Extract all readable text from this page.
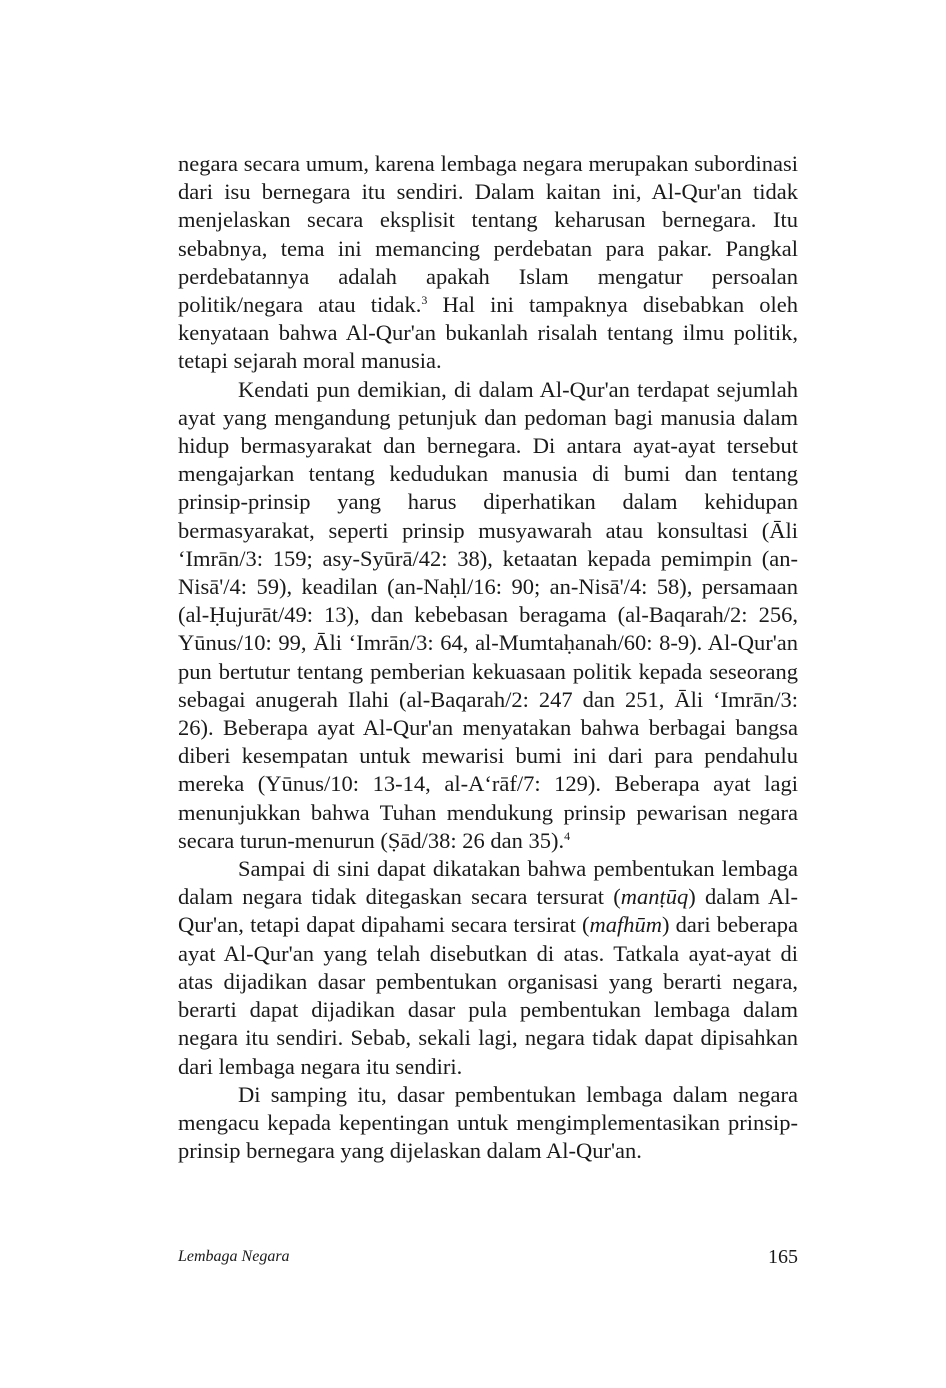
negara secara umum, karena lembaga negara merupakan subordinasi dari isu bernegara itu sendiri. Dalam kaitan ini, Al-Qur'an tidak menjelaskan secara eksplisit tentang keharusan bernegara. Itu sebabnya, tema ini memancing perdebatan para pakar. Pangkal perdebatannya adalah apakah Islam mengatur persoalan politik/negara atau tidak.$^3$ Hal ini tampaknya disebabkan oleh kenyataan bahwa Al-Qur'an bukanlah risalah tentang ilmu politik, tetapi sejarah moral manusia.

Kendati pun demikian, di dalam Al-Qur'an terdapat sejumlah ayat yang mengandung petunjuk dan pedoman bagi manusia dalam hidup bermasyarakat dan bernegara. Di antara ayat-ayat tersebut mengajarkan tentang kedudukan manusia di bumi dan tentang prinsip-prinsip yang harus diperhatikan dalam kehidupan bermasyarakat, seperti prinsip musyawarah atau konsultasi (Āli ‘Imrān/3: 159; asy-Syūrā/42: 38), ketaatan kepada pemimpin (an-Nisā'/4: 59), keadilan (an-Naḥl/16: 90; an-Nisā'/4: 58), persamaan (al-Ḥujurāt/49: 13), dan kebebasan beragama (al-Baqarah/2: 256, Yūnus/10: 99, Āli ‘Imrān/3: 64, al-Mumtaḥanah/60: 8-9). Al-Qur'an pun bertutur tentang pemberian kekuasaan politik kepada seseorang sebagai anugerah Ilahi (al-Baqarah/2: 247 dan 251, Āli ‘Imrān/3: 26). Beberapa ayat Al-Qur'an menyatakan bahwa berbagai bangsa diberi kesempatan untuk mewarisi bumi ini dari para pendahulu mereka (Yūnus/10: 13-14, al-A‘rāf/7: 129). Beberapa ayat lagi menunjukkan bahwa Tuhan mendukung prinsip pewarisan negara secara turun-menurun (Ṣād/38: 26 dan 35).$^4$

Sampai di sini dapat dikatakan bahwa pembentukan lembaga dalam negara tidak ditegaskan secara tersurat (manṭūq) dalam Al-Qur'an, tetapi dapat dipahami secara tersirat (mafhūm) dari beberapa ayat Al-Qur'an yang telah disebutkan di atas. Tatkala ayat-ayat di atas dijadikan dasar pembentukan organisasi yang berarti negara, berarti dapat dijadikan dasar pula pembentukan lembaga dalam negara itu sendiri. Sebab, sekali lagi, negara tidak dapat dipisahkan dari lembaga negara itu sendiri.

Di samping itu, dasar pembentukan lembaga dalam negara mengacu kepada kepentingan untuk mengimplementasikan prinsip-prinsip bernegara yang dijelaskan dalam Al-Qur'an.

Lembaga Negara	165
